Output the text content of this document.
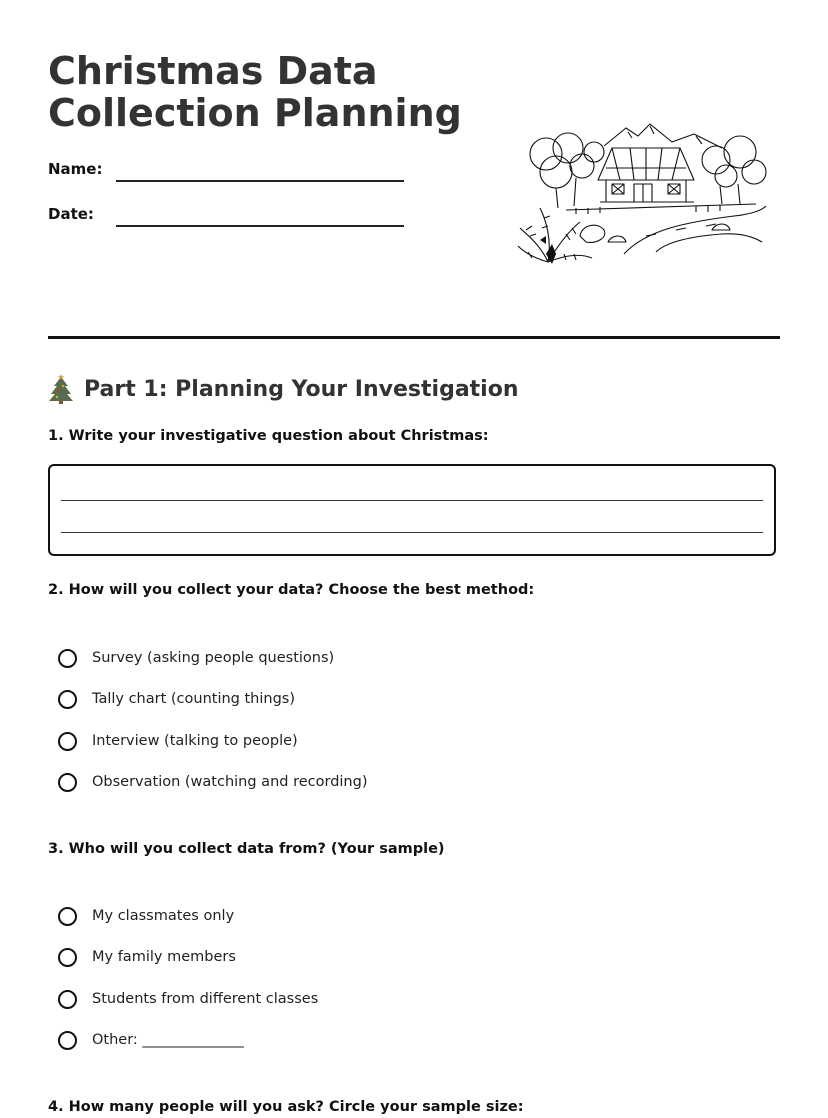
Christmas Data Collection Planning
Name:
Date:
Part 1: Planning Your Investigation

1. Write your investigative question about Christmas:

2. How will you collect your data? Choose the best method:

Survey (asking people questions)
Tally chart (counting things)
Interview (talking to people)
Observation (watching and recording)

3. Who will you collect data from? (Your sample)

My classmates only
My family members
Students from different classes
Other: ______________

4. How many people will you ask? Circle your sample size:
